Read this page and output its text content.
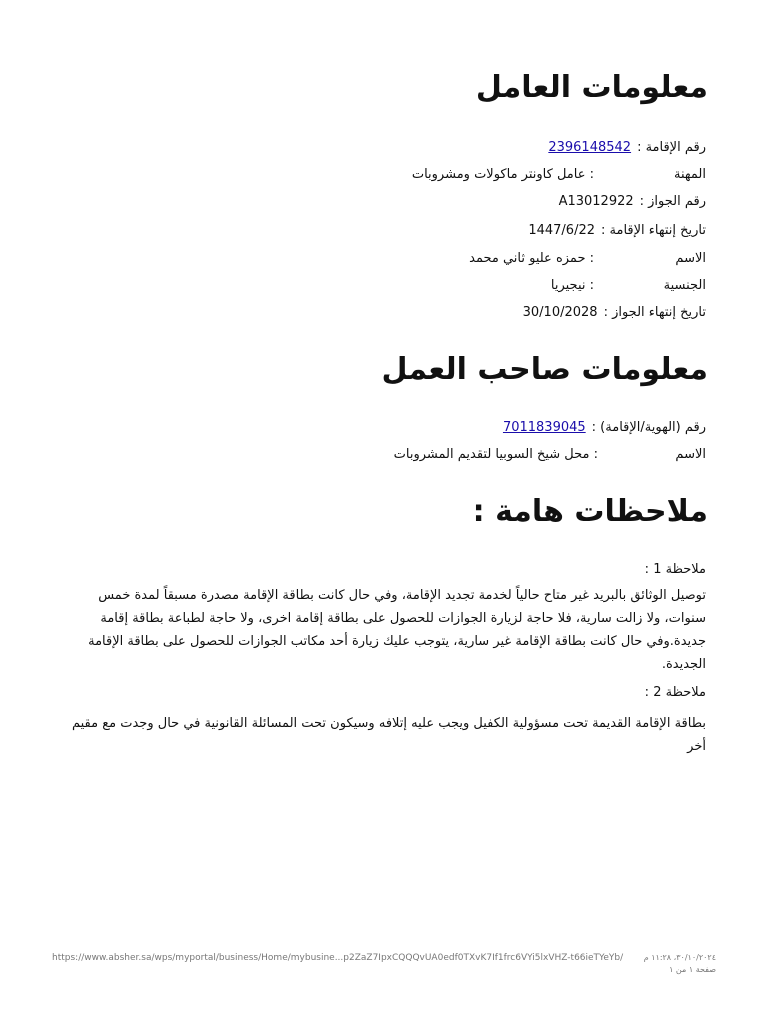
معلومات العامل
رقم الإقامة :
2396148542
المهنة
: عامل كاونتر ماكولات ومشروبات
رقم الجواز :
A13012922
تاريخ إنتهاء الإقامة :
1447/6/22
الاسم
: حمزه عليو ثاني محمد
الجنسية
: نيجيريا
تاريخ إنتهاء الجواز :
30/10/2028
معلومات صاحب العمل
رقم (الهوية/الإقامة) :
7011839045
الاسم
: محل شيخ السوبيا لتقديم المشروبات
ملاحظات هامة :
ملاحظة 1 :
توصيل الوثائق بالبريد غير متاح حالياً لخدمة تجديد الإقامة، وفي حال كانت بطاقة الإقامة مصدرة مسبقاً لمدة خمس سنوات، ولا زالت سارية، فلا حاجة لزيارة الجوازات للحصول على بطاقة إقامة اخرى، ولا حاجة لطباعة بطاقة إقامة جديدة.وفي حال كانت بطاقة الإقامة غير سارية، يتوجب عليك زيارة أحد مكاتب الجوازات للحصول على بطاقة الإقامة الجديدة.
ملاحظة 2 :
بطاقة الإقامة القديمة تحت مسؤولية الكفيل ويجب عليه إتلافه وسيكون تحت المسائلة القانونية في حال وجدت مع مقيم أخر
https://www.absher.sa/wps/myportal/business/Home/mybusine...p2ZaZ7IpxCQQQvUA0edf0TXvK7If1frc6VYi5lxVHZ-t66ieTYeYb/	٣٠/١٠/٢٠٢٤، ١١:٢٨ م
صفحة ١ من ١
